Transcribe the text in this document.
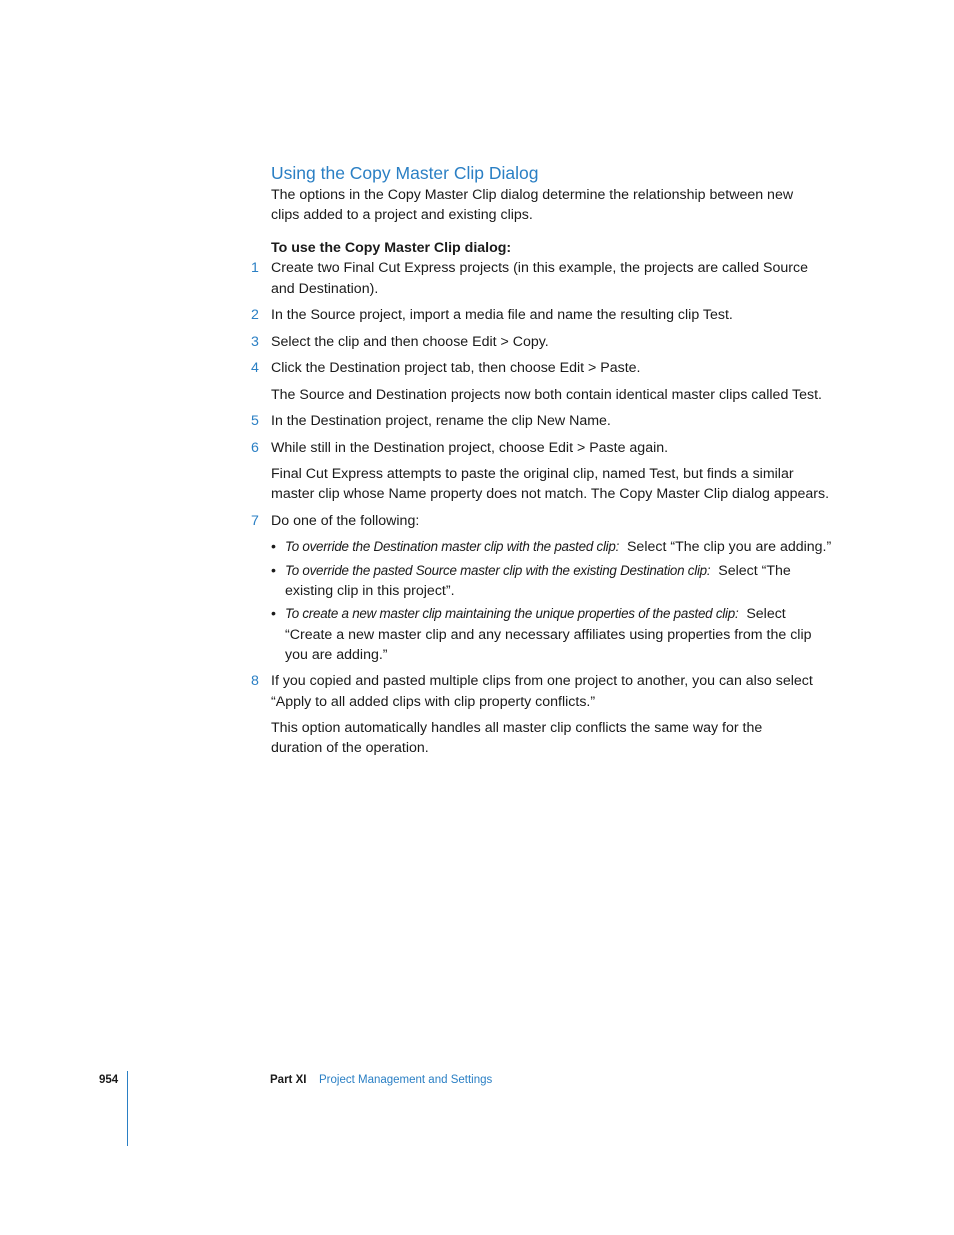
Using the Copy Master Clip Dialog
The options in the Copy Master Clip dialog determine the relationship between new
clips added to a project and existing clips.
To use the Copy Master Clip dialog:
1 Create two Final Cut Express projects (in this example, the projects are called Source
and Destination).
2 In the Source project, import a media file and name the resulting clip Test.
3 Select the clip and then choose Edit > Copy.
4 Click the Destination project tab, then choose Edit > Paste.
The Source and Destination projects now both contain identical master clips called Test.
5 In the Destination project, rename the clip New Name.
6 While still in the Destination project, choose Edit > Paste again.
Final Cut Express attempts to paste the original clip, named Test, but finds a similar
master clip whose Name property does not match. The Copy Master Clip dialog appears.
7 Do one of the following:
• To override the Destination master clip with the pasted clip: Select “The clip you are adding.”
• To override the pasted Source master clip with the existing Destination clip: Select “The
existing clip in this project”.
• To create a new master clip maintaining the unique properties of the pasted clip: Select
“Create a new master clip and any necessary affiliates using properties from the clip
you are adding.”
8 If you copied and pasted multiple clips from one project to another, you can also select
“Apply to all added clips with clip property conflicts.”
This option automatically handles all master clip conflicts the same way for the
duration of the operation.
954	Part XI Project Management and Settings
